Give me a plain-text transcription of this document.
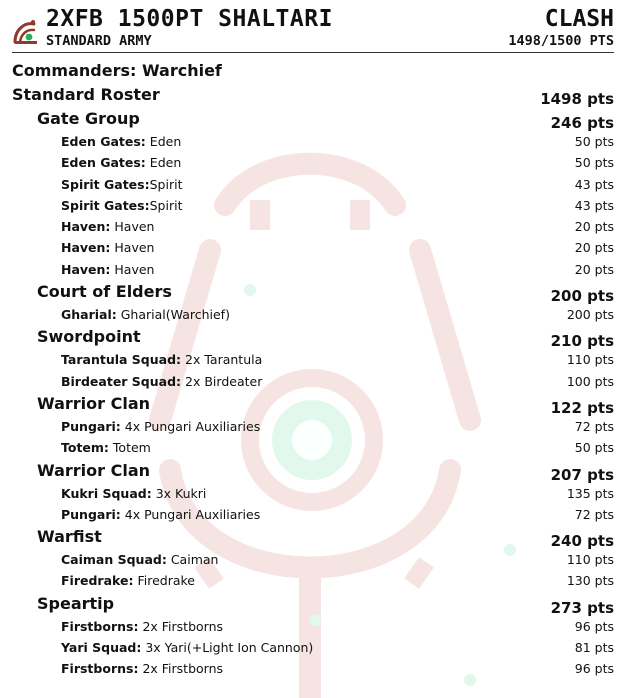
2XFB 1500PT SHALTARI
STANDARD ARMY
CLASH
1498/1500 PTS
Commanders: Warchief
Standard Roster	1498 pts
Gate Group	246 pts
Eden Gates: Eden	50 pts
Eden Gates: Eden	50 pts
Spirit Gates:Spirit	43 pts
Spirit Gates:Spirit	43 pts
Haven: Haven	20 pts
Haven: Haven	20 pts
Haven: Haven	20 pts
Court of Elders	200 pts
Gharial: Gharial(Warchief)	200 pts
Swordpoint	210 pts
Tarantula Squad: 2x Tarantula	110 pts
Birdeater Squad: 2x Birdeater	100 pts
Warrior Clan	122 pts
Pungari: 4x Pungari Auxiliaries	72 pts
Totem: Totem	50 pts
Warrior Clan	207 pts
Kukri Squad: 3x Kukri	135 pts
Pungari: 4x Pungari Auxiliaries	72 pts
Warfist	240 pts
Caiman Squad: Caiman	110 pts
Firedrake: Firedrake	130 pts
Speartip	273 pts
Firstborns: 2x Firstborns	96 pts
Yari Squad: 3x Yari(+Light Ion Cannon)	81 pts
Firstborns: 2x Firstborns	96 pts
